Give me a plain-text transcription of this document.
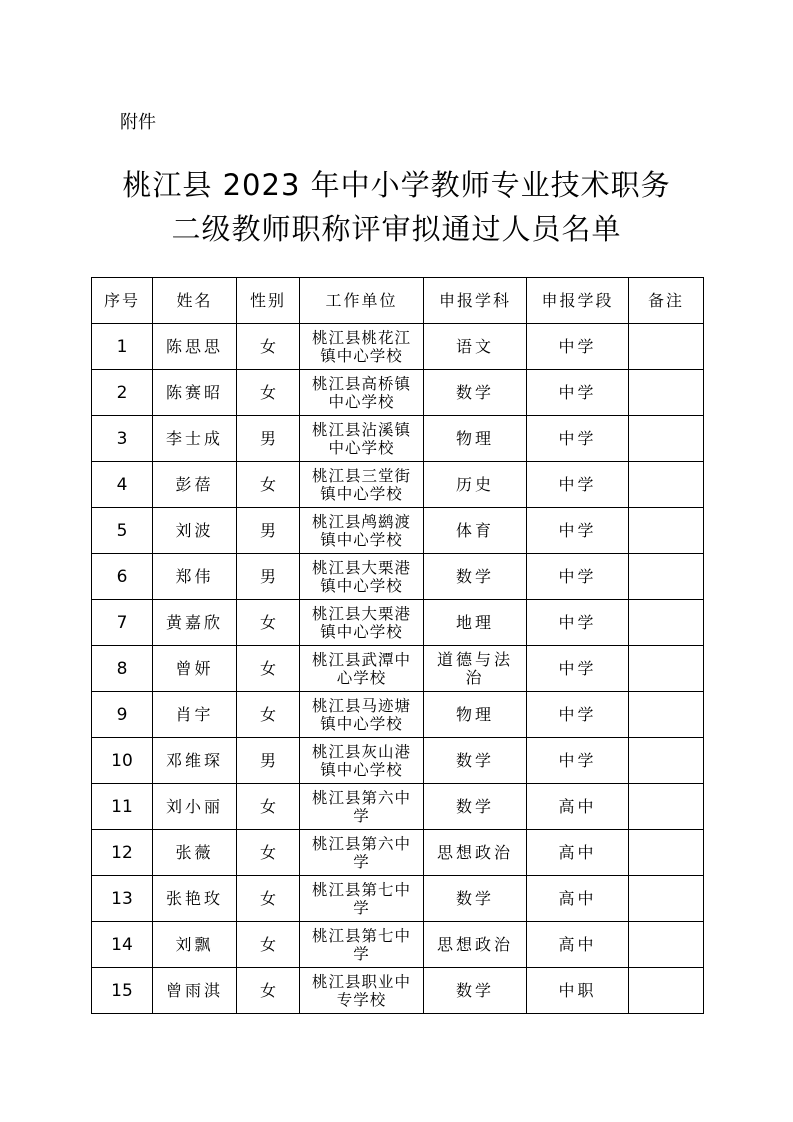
附件
桃江县 2023 年中小学教师专业技术职务
二级教师职称评审拟通过人员名单
序号	姓名	性别	工作单位	申报学科	申报学段	备注
1	陈思思	女	桃江县桃花江镇中心学校	语文	中学	
2	陈赛昭	女	桃江县高桥镇中心学校	数学	中学	
3	李士成	男	桃江县沾溪镇中心学校	物理	中学	
4	彭蓓	女	桃江县三堂街镇中心学校	历史	中学	
5	刘波	男	桃江县鸬鹚渡镇中心学校	体育	中学	
6	郑伟	男	桃江县大栗港镇中心学校	数学	中学	
7	黄嘉欣	女	桃江县大栗港镇中心学校	地理	中学	
8	曾妍	女	桃江县武潭中心学校	道德与法治	中学	
9	肖宇	女	桃江县马迹塘镇中心学校	物理	中学	
10	邓维琛	男	桃江县灰山港镇中心学校	数学	中学	
11	刘小丽	女	桃江县第六中学	数学	高中	
12	张薇	女	桃江县第六中学	思想政治	高中	
13	张艳玫	女	桃江县第七中学	数学	高中	
14	刘飘	女	桃江县第七中学	思想政治	高中	
15	曾雨淇	女	桃江县职业中专学校	数学	中职	
